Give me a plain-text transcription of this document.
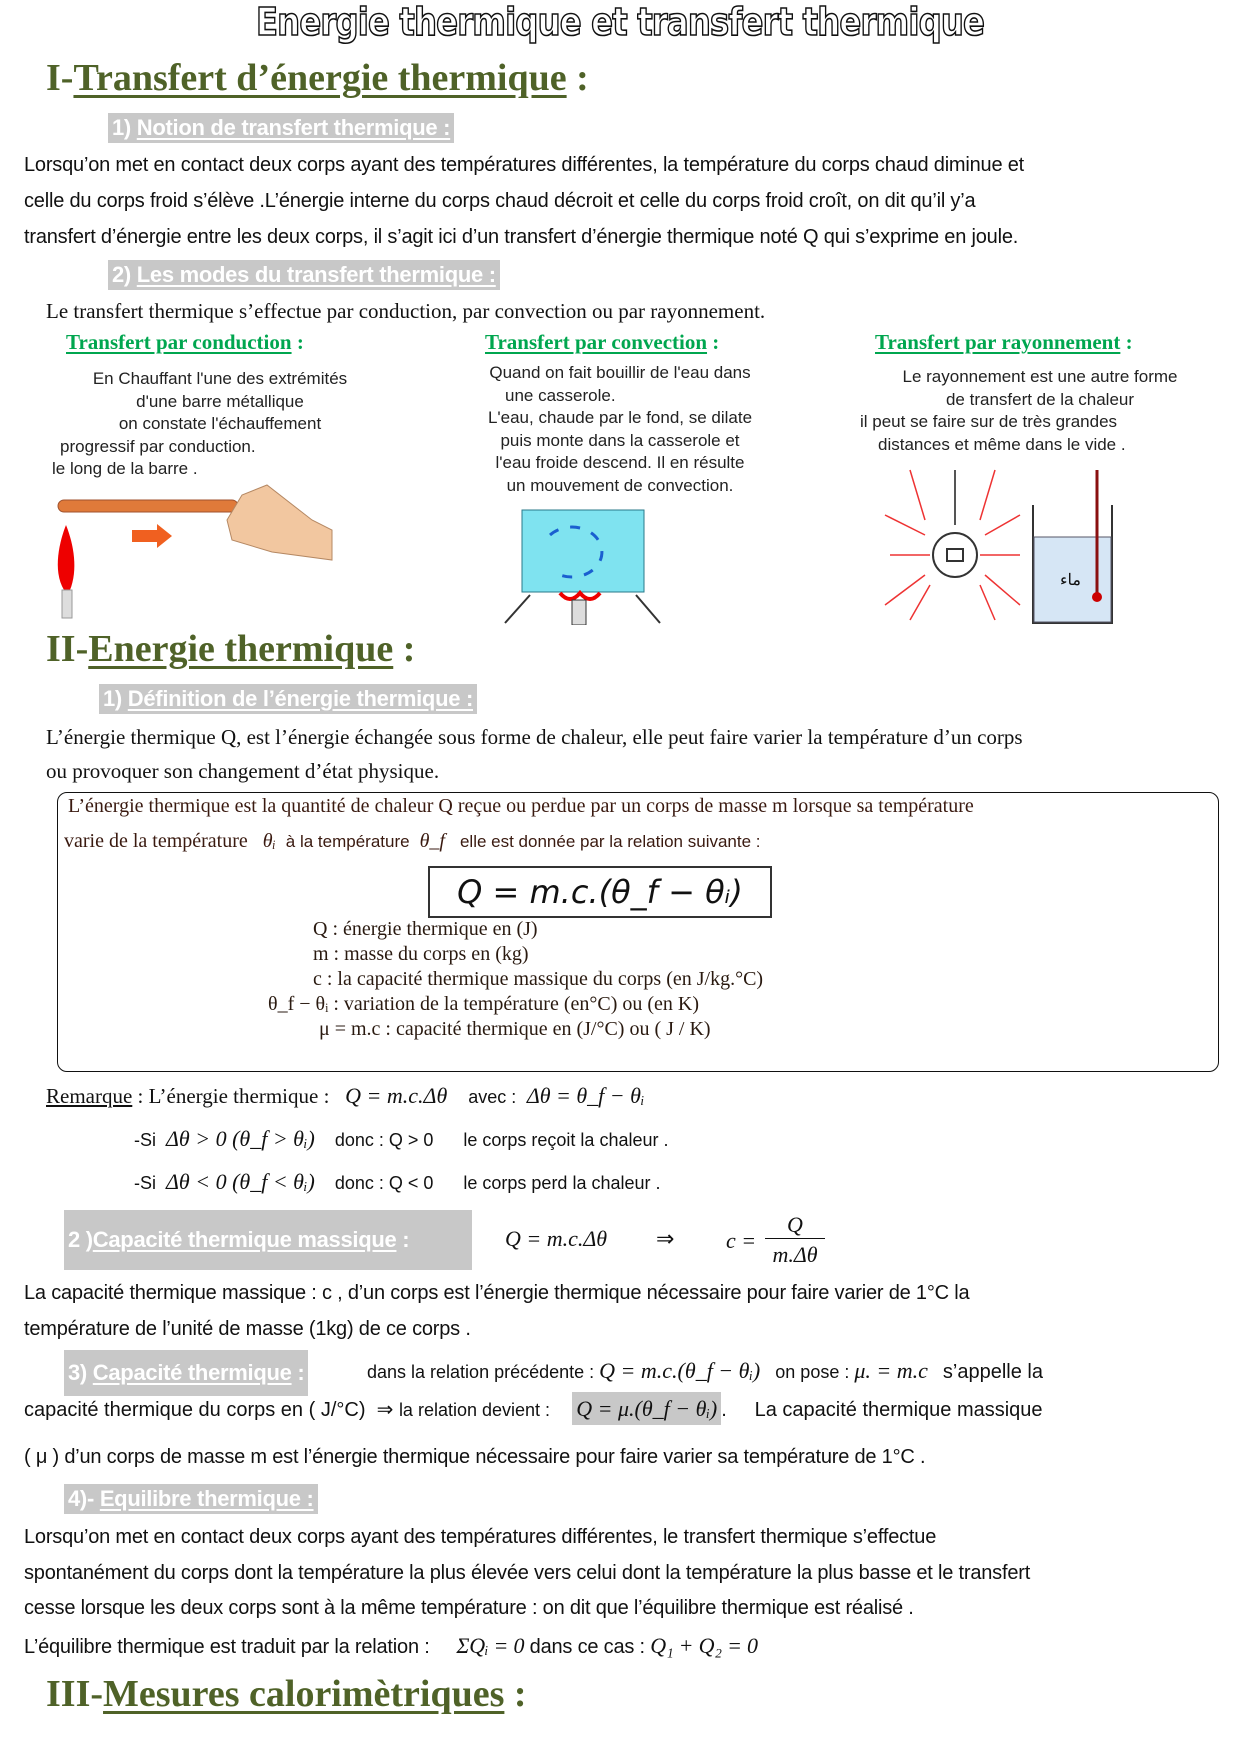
Energie thermique et transfert thermique
I-Transfert d’énergie thermique :
1) Notion de transfert thermique :
Lorsqu’on met en contact deux corps ayant des températures différentes, la température du corps chaud diminue et
celle du corps froid s’élève .L’énergie interne du corps chaud décroit et celle du corps froid croît, on dit qu’il y’a
transfert d’énergie entre les deux corps, il s’agit ici d’un transfert d’énergie thermique noté Q qui s’exprime en joule.
2) Les modes du transfert thermique :
Le transfert thermique s’effectue par conduction, par convection ou par rayonnement.
Transfert par conduction :
En Chauffant l'une des extrémités
d'une barre métallique
on constate l'échauffement
progressif par conduction.
le long de la barre .
Transfert par convection :
Quand on fait bouillir de l'eau dans
une casserole.
L'eau, chaude par le fond, se dilate
puis monte dans la casserole et
l'eau froide descend. Il en résulte
un mouvement de convection.
Transfert par rayonnement :
Le rayonnement est une autre forme
de transfert de la chaleur
il peut se faire sur de très grandes
distances et même dans le vide .
ماء
II-Energie thermique :
1) Définition de l’énergie thermique :
L’énergie thermique Q, est l’énergie échangée sous forme de chaleur, elle peut faire varier la température d’un corps
ou provoquer son changement d’état physique.
L’énergie thermique est la quantité de chaleur Q reçue ou perdue par un corps de masse m lorsque sa température
varie de la température θᵢ à la température θ_f elle est donnée par la relation suivante :
Q = m.c.(θ_f − θᵢ)
Q : énergie thermique en (J)
m : masse du corps en (kg)
c : la capacité thermique massique du corps (en J/kg.°C)
θ_f − θᵢ : variation de la température (en°C) ou (en K)
μ = m.c : capacité thermique en (J/°C) ou ( J / K)
Remarque : L’énergie thermique : Q = m.c.Δθ avec : Δθ = θ_f − θᵢ
-Si Δθ > 0 (θ_f > θᵢ) donc : Q > 0 le corps reçoit la chaleur .
-Si Δθ < 0 (θ_f < θᵢ) donc : Q < 0 le corps perd la chaleur .
2 )Capacité thermique massique :	Q = m.c.Δθ ⇒ c =
Q
m.Δθ
La capacité thermique massique : c , d’un corps est l’énergie thermique nécessaire pour faire varier de 1°C la
température de l’unité de masse (1kg) de ce corps .
3) Capacité thermique :	dans la relation précédente : Q = m.c.(θ_f − θᵢ) on pose : μ. = m.c s’appelle la
capacité thermique du corps en ( J/°C) ⇒ la relation devient : Q = μ.(θ_f − θᵢ) .     La capacité thermique massique
( μ ) d’un corps de masse m est l’énergie thermique nécessaire pour faire varier sa température de 1°C .
4)- Equilibre thermique :
Lorsqu’on met en contact deux corps ayant des températures différentes, le transfert thermique s’effectue
spontanément du corps dont la température la plus élevée vers celui dont la température la plus basse et le transfert
cesse lorsque les deux corps sont à la même température : on dit que l’équilibre thermique est réalisé .
L’équilibre thermique est traduit par la relation : ΣQᵢ = 0 dans ce cas : Q₁ + Q₂ = 0
III-Mesures calorimètriques :
